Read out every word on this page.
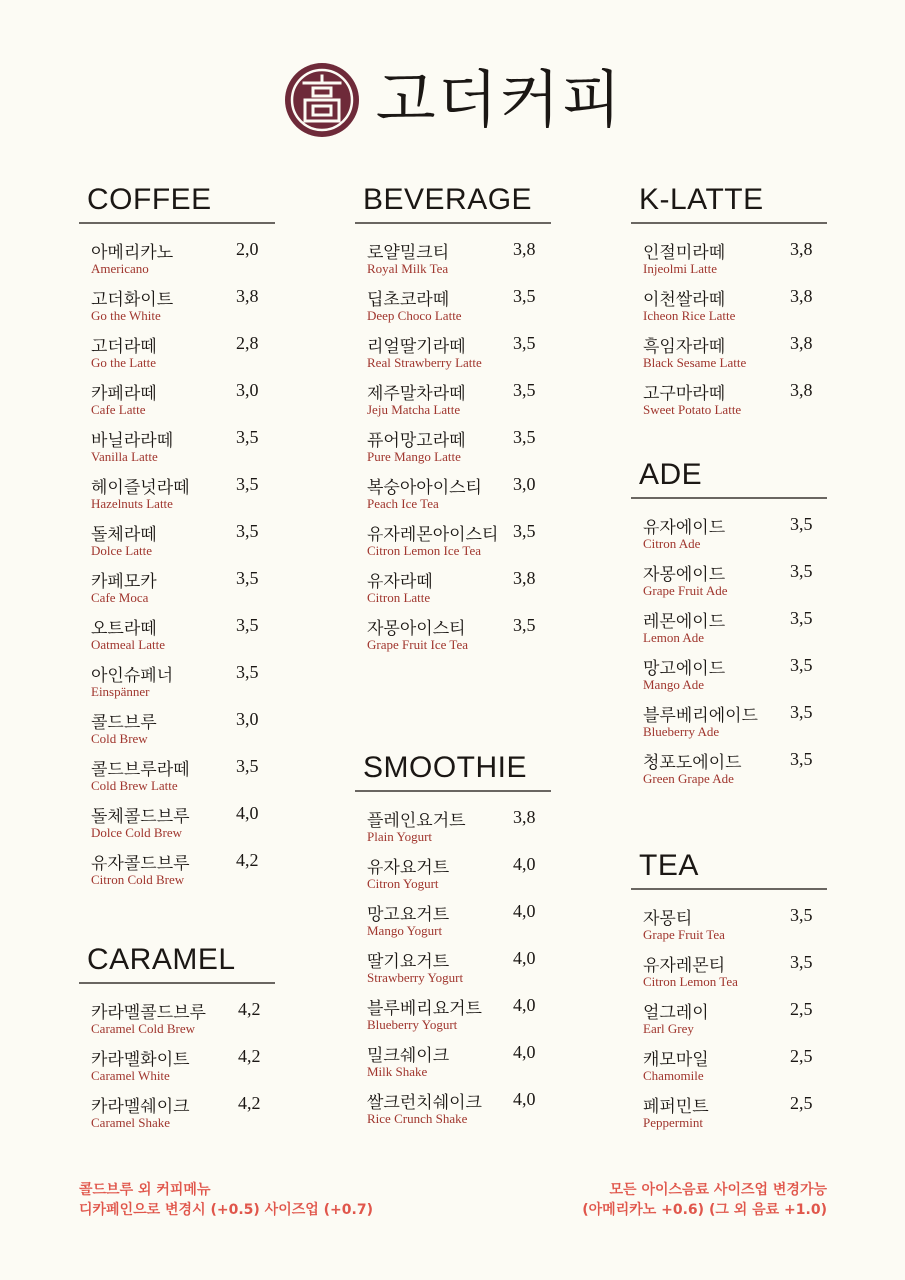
고더커피
COFFEE
아메리카노
Americano
2,0
고더화이트
Go the White
3,8
고더라떼
Go the Latte
2,8
카페라떼
Cafe Latte
3,0
바닐라라떼
Vanilla Latte
3,5
헤이즐넛라떼
Hazelnuts Latte
3,5
돌체라떼
Dolce Latte
3,5
카페모카
Cafe Moca
3,5
오트라떼
Oatmeal Latte
3,5
아인슈페너
Einspänner
3,5
콜드브루
Cold Brew
3,0
콜드브루라떼
Cold Brew Latte
3,5
돌체콜드브루
Dolce Cold Brew
4,0
유자콜드브루
Citron Cold Brew
4,2
CARAMEL
카라멜콜드브루
Caramel Cold Brew
4,2
카라멜화이트
Caramel White
4,2
카라멜쉐이크
Caramel Shake
4,2
BEVERAGE
로얄밀크티
Royal Milk Tea
3,8
딥초코라떼
Deep Choco Latte
3,5
리얼딸기라떼
Real Strawberry Latte
3,5
제주말차라떼
Jeju Matcha Latte
3,5
퓨어망고라떼
Pure Mango Latte
3,5
복숭아아이스티
Peach Ice Tea
3,0
유자레몬아이스티
Citron Lemon Ice Tea
3,5
유자라떼
Citron Latte
3,8
자몽아이스티
Grape Fruit Ice Tea
3,5
SMOOTHIE
플레인요거트
Plain Yogurt
3,8
유자요거트
Citron Yogurt
4,0
망고요거트
Mango Yogurt
4,0
딸기요거트
Strawberry Yogurt
4,0
블루베리요거트
Blueberry Yogurt
4,0
밀크쉐이크
Milk Shake
4,0
쌀크런치쉐이크
Rice Crunch Shake
4,0
K-LATTE
인절미라떼
Injeolmi Latte
3,8
이천쌀라떼
Icheon Rice Latte
3,8
흑임자라떼
Black Sesame Latte
3,8
고구마라떼
Sweet Potato Latte
3,8
ADE
유자에이드
Citron Ade
3,5
자몽에이드
Grape Fruit Ade
3,5
레몬에이드
Lemon Ade
3,5
망고에이드
Mango Ade
3,5
블루베리에이드
Blueberry Ade
3,5
청포도에이드
Green Grape Ade
3,5
TEA
자몽티
Grape Fruit Tea
3,5
유자레몬티
Citron Lemon Tea
3,5
얼그레이
Earl Grey
2,5
캐모마일
Chamomile
2,5
페퍼민트
Peppermint
2,5
콜드브루 외 커피메뉴
디카페인으로 변경시 (+0.5) 사이즈업 (+0.7)
모든 아이스음료 사이즈업 변경가능
(아메리카노 +0.6) (그 외 음료 +1.0)
